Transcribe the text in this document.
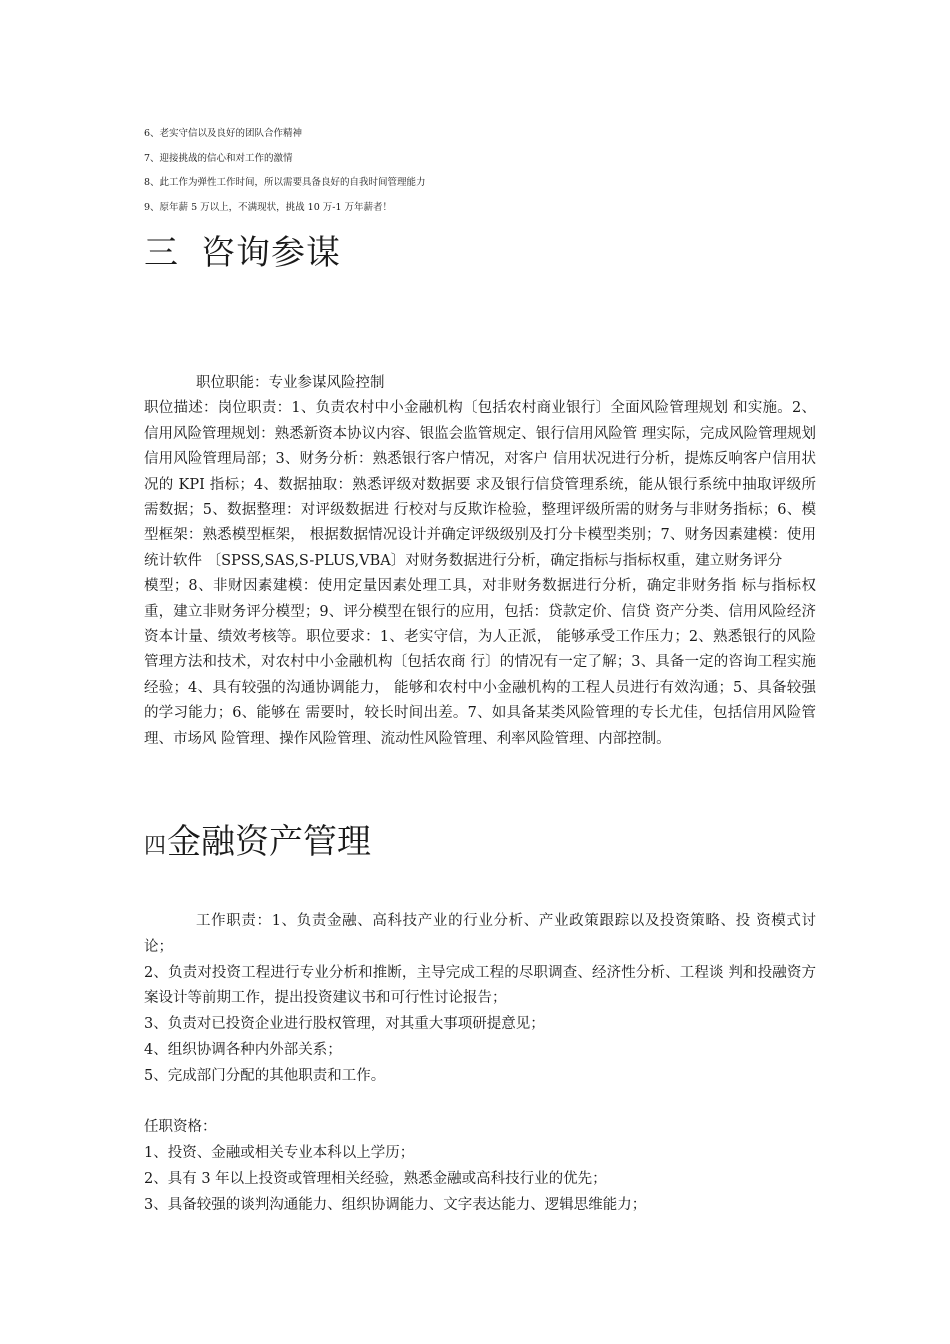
6、老实守信以及良好的团队合作精神
7、迎接挑战的信心和对工作的激情
8、此工作为弹性工作时间，所以需要具备良好的自我时间管理能力
9、原年薪 5 万以上，不满现状，挑战 10 万-1 万年薪者！
三 咨询参谋

职位职能：专业参谋风险控制

职位描述：岗位职责：1、负责农村中小金融机构〔包括农村商业银行〕全面风险管理规划 和实施。2、信用风险管理规划：熟悉新资本协议内容、银监会监管规定、银行信用风险管 理实际，完成风险管理规划信用风险管理局部；3、财务分析：熟悉银行客户情况，对客户 信用状况进行分析，提炼反响客户信用状况的 KPI 指标；4、数据抽取：熟悉评级对数据要 求及银行信贷管理系统，能从银行系统中抽取评级所需数据；5、数据整理：对评级数据进 行校对与反欺诈检验，整理评级所需的财务与非财务指标；6、模型框架：熟悉模型框架， 根据数据情况设计并确定评级级别及打分卡模型类别；7、财务因素建模：使用统计软件 〔SPSS,SAS,S-PLUS,VBA〕对财务数据进行分析，确定指标与指标权重，建立财务评分

模型；8、非财因素建模：使用定量因素处理工具，对非财务数据进行分析，确定非财务指 标与指标权重，建立非财务评分模型；9、评分模型在银行的应用，包括：贷款定价、信贷 资产分类、信用风险经济资本计量、绩效考核等。职位要求：1、老实守信，为人正派， 能够承受工作压力；2、熟悉银行的风险管理方法和技术，对农村中小金融机构〔包括农商 行〕的情况有一定了解；3、具备一定的咨询工程实施经验；4、具有较强的沟通协调能力， 能够和农村中小金融机构的工程人员进行有效沟通；5、具备较强的学习能力；6、能够在 需要时，较长时间出差。7、如具备某类风险管理的专长尤佳，包括信用风险管理、市场风 险管理、操作风险管理、流动性风险管理、利率风险管理、内部控制。

四金融资产管理

工作职责：1、负责金融、高科技产业的行业分析、产业政策跟踪以及投资策略、投 资模式讨论；

2、负责对投资工程进行专业分析和推断，主导完成工程的尽职调查、经济性分析、工程谈 判和投融资方案设计等前期工作，提出投资建议书和可行性讨论报告；

3、负责对已投资企业进行股权管理，对其重大事项研提意见；

4、组织协调各种内外部关系；

5、完成部门分配的其他职责和工作。

任职资格：

1、投资、金融或相关专业本科以上学历；

2、具有 3 年以上投资或管理相关经验，熟悉金融或高科技行业的优先；

3、具备较强的谈判沟通能力、组织协调能力、文字表达能力、逻辑思维能力；
